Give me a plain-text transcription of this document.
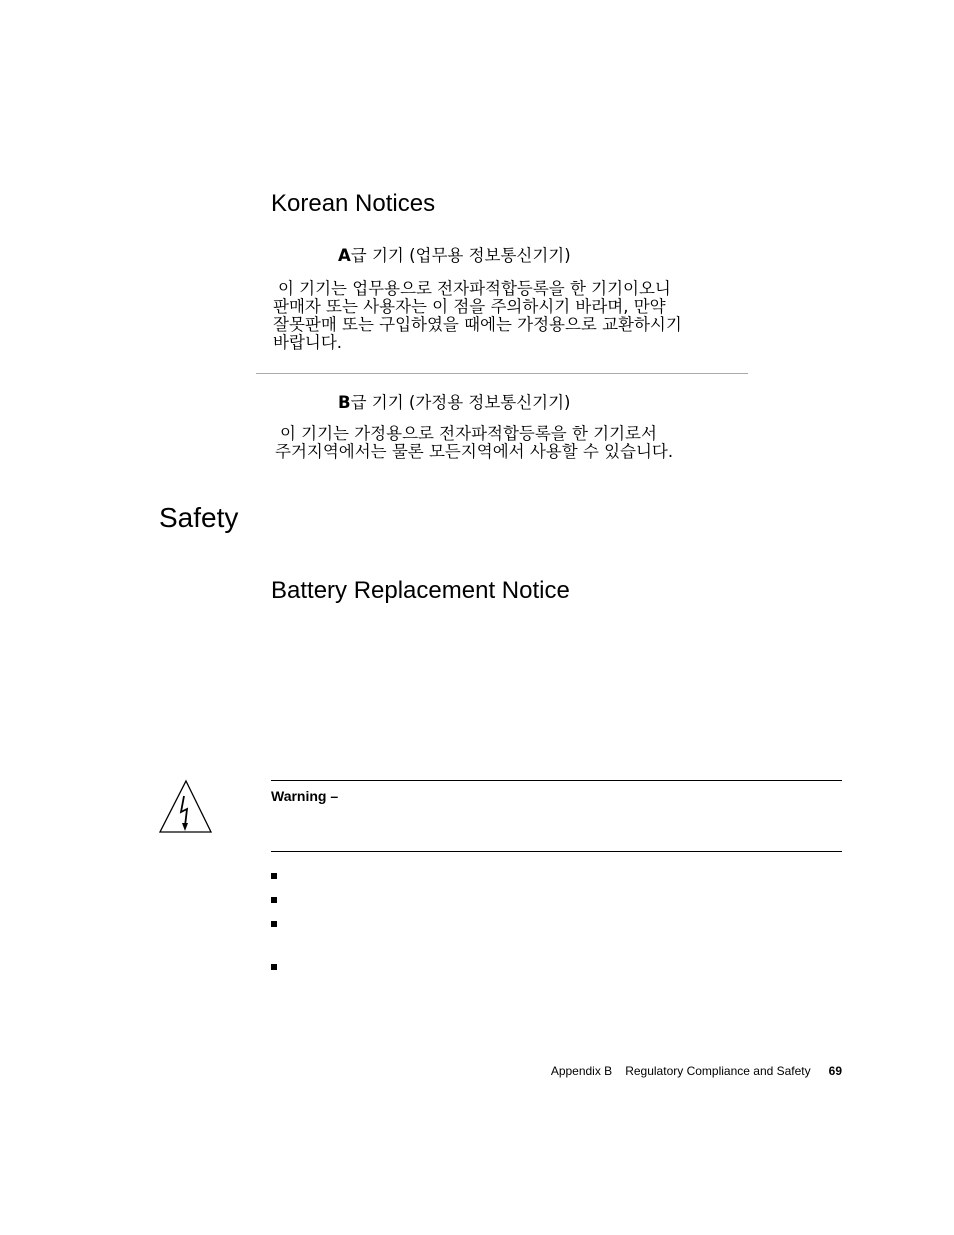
Korean Notices
A급 기기 (업무용 정보통신기기)
이 기기는 업무용으로 전자파적합등록을 한 기기이오니
판매자 또는 사용자는 이 점을 주의하시기 바라며, 만약
잘못판매 또는 구입하였을 때에는 가정용으로 교환하시기
바랍니다.
B급 기기 (가정용 정보통신기기)
이 기기는 가정용으로 전자파적합등록을 한 기기로서
주거지역에서는 물론 모든지역에서 사용할 수 있습니다.
Safety
Battery Replacement Notice
Warning –
Appendix B Regulatory Compliance and Safety 69
